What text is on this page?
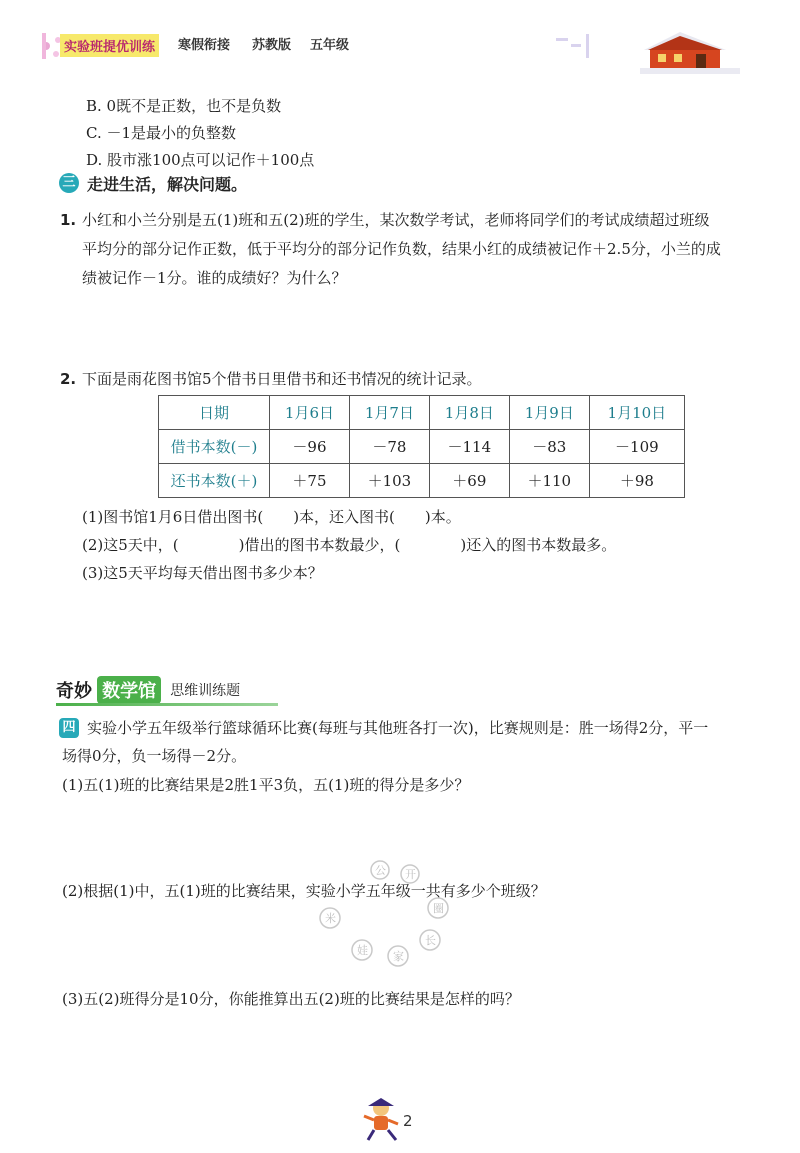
实验班提优训练	寒假衔接 苏教版 五年级
B. 0既不是正数，也不是负数
C. －1是最小的负整数
D. 股市涨100点可以记作＋100点
三 走进生活，解决问题。
1. 小红和小兰分别是五(1)班和五(2)班的学生，某次数学考试，老师将同学们的考试成绩超过班级
平均分的部分记作正数，低于平均分的部分记作负数，结果小红的成绩被记作＋2.5分，小兰的成
绩被记作－1分。谁的成绩好？为什么？
2. 下面是雨花图书馆5个借书日里借书和还书情况的统计记录。
日期	1月6日	1月7日	1月8日	1月9日	1月10日
借书本数(－)	－96	－78	－114	－83	－109
还书本数(＋)	＋75	＋103	＋69	＋110	＋98
(1)图书馆1月6日借出图书(　　)本，还入图书(　　)本。
(2)这5天中，(　　　　)借出的图书本数最少，(　　　　)还入的图书本数最多。
(3)这5天平均每天借出图书多少本？
奇妙 数学馆 思维训练题
四 实验小学五年级举行篮球循环比赛(每班与其他班各打一次)，比赛规则是：胜一场得2分，平一
场得0分，负一场得－2分。
(1)五(1)班的比赛结果是2胜1平3负，五(1)班的得分是多少？
(2)根据(1)中，五(1)班的比赛结果，实验小学五年级一共有多少个班级？
(3)五(2)班得分是10分，你能推算出五(2)班的比赛结果是怎样的吗？
米
娃 家
长
圈
公 开
2
